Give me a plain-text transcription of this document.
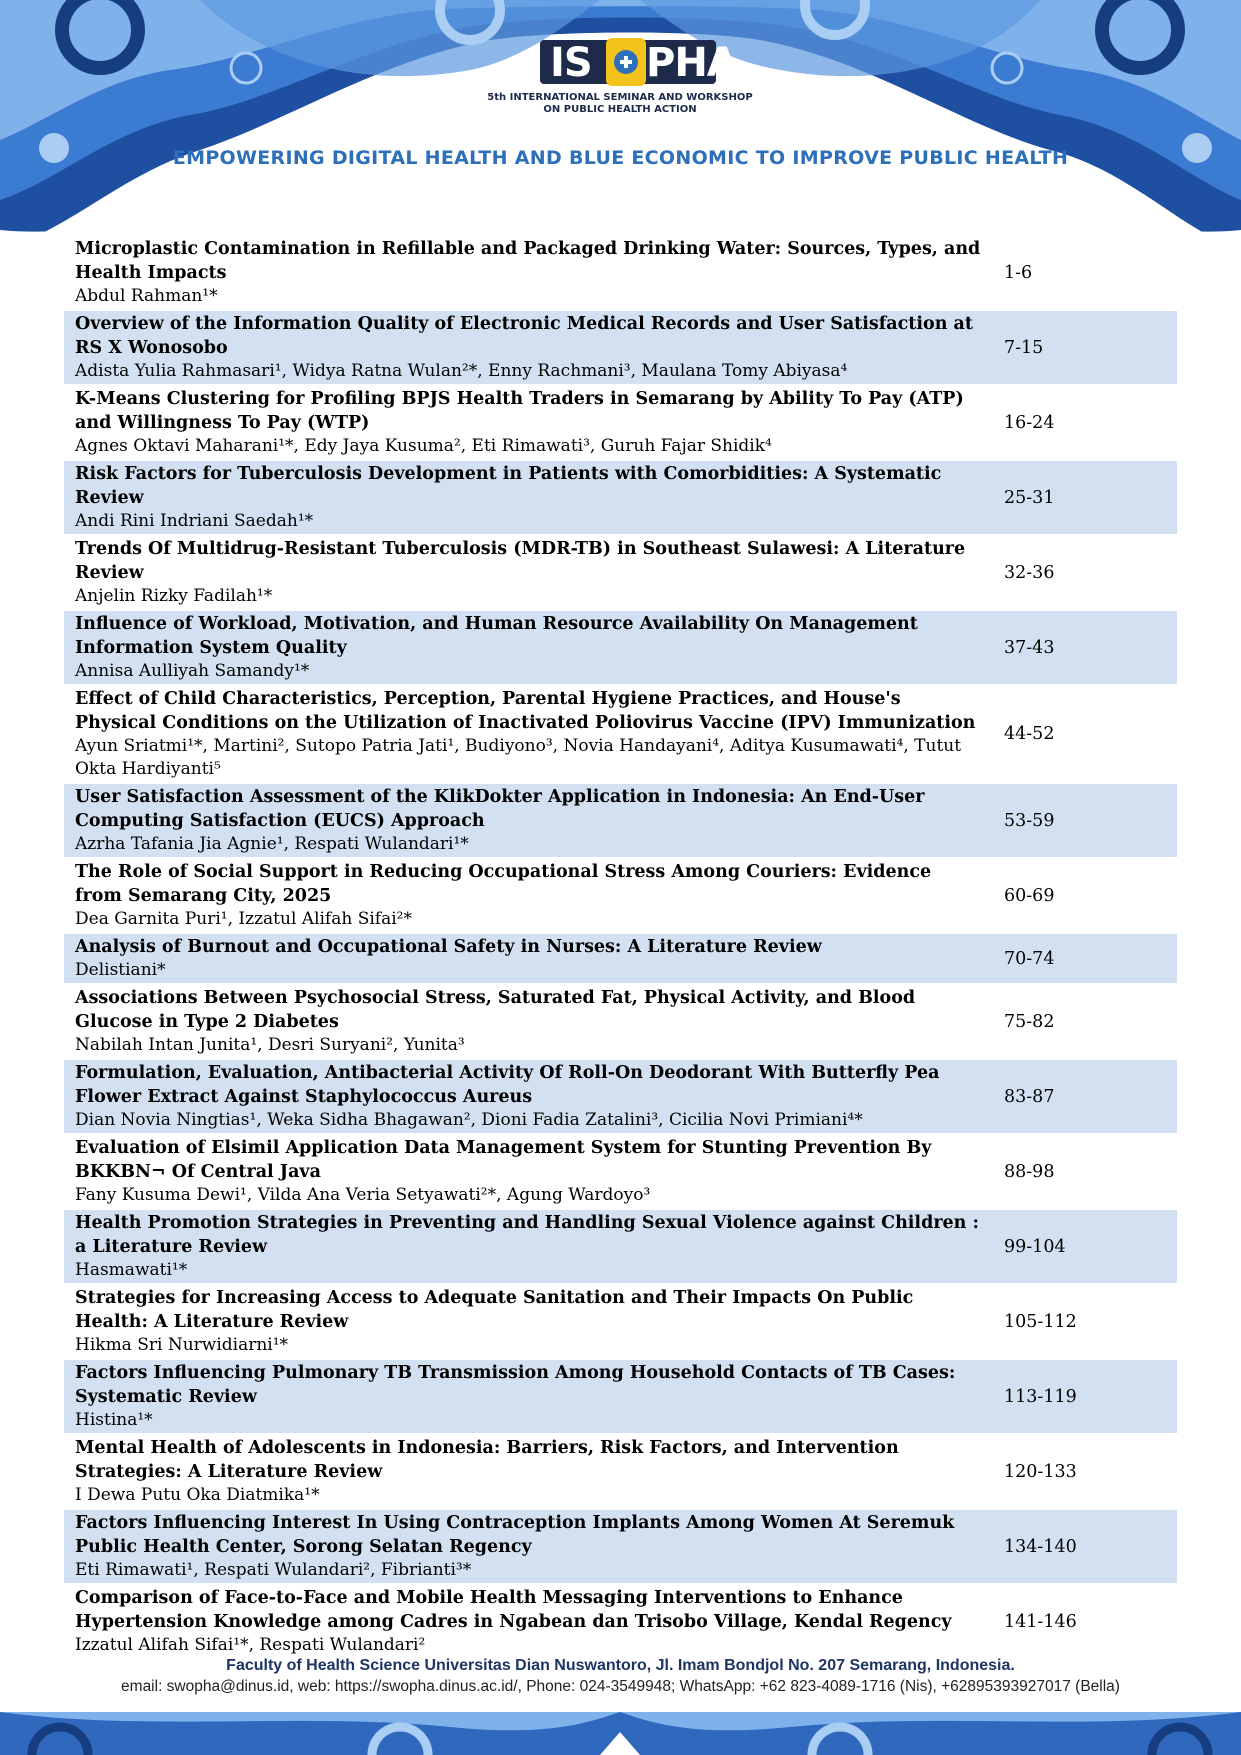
IS PHA
5th INTERNATIONAL SEMINAR AND WORKSHOP
ON PUBLIC HEALTH ACTION
EMPOWERING DIGITAL HEALTH AND BLUE ECONOMIC TO IMPROVE PUBLIC HEALTH
Microplastic Contamination in Refillable and Packaged Drinking Water: Sources, Types, and Health Impacts
Abdul Rahman¹*
1-6
Overview of the Information Quality of Electronic Medical Records and User Satisfaction at RS X Wonosobo
Adista Yulia Rahmasari¹, Widya Ratna Wulan²*, Enny Rachmani³, Maulana Tomy Abiyasa⁴
7-15
K-Means Clustering for Profiling BPJS Health Traders in Semarang by Ability To Pay (ATP) and Willingness To Pay (WTP)
Agnes Oktavi Maharani¹*, Edy Jaya Kusuma², Eti Rimawati³, Guruh Fajar Shidik⁴
16-24
Risk Factors for Tuberculosis Development in Patients with Comorbidities: A Systematic Review
Andi Rini Indriani Saedah¹*
25-31
Trends Of Multidrug-Resistant Tuberculosis (MDR-TB) in Southeast Sulawesi: A Literature Review
Anjelin Rizky Fadilah¹*
32-36
Influence of Workload, Motivation, and Human Resource Availability On Management Information System Quality
Annisa Aulliyah Samandy¹*
37-43
Effect of Child Characteristics, Perception, Parental Hygiene Practices, and House's Physical Conditions on the Utilization of Inactivated Poliovirus Vaccine (IPV) Immunization
Ayun Sriatmi¹*, Martini², Sutopo Patria Jati¹, Budiyono³, Novia Handayani⁴, Aditya Kusumawati⁴, Tutut Okta Hardiyanti⁵
44-52
User Satisfaction Assessment of the KlikDokter Application in Indonesia: An End-User Computing Satisfaction (EUCS) Approach
Azrha Tafania Jia Agnie¹, Respati Wulandari¹*
53-59
The Role of Social Support in Reducing Occupational Stress Among Couriers: Evidence from Semarang City, 2025
Dea Garnita Puri¹, Izzatul Alifah Sifai²*
60-69
Analysis of Burnout and Occupational Safety in Nurses: A Literature Review
Delistiani*
70-74
Associations Between Psychosocial Stress, Saturated Fat, Physical Activity, and Blood Glucose in Type 2 Diabetes
Nabilah Intan Junita¹, Desri Suryani², Yunita³
75-82
Formulation, Evaluation, Antibacterial Activity Of Roll-On Deodorant With Butterfly Pea Flower Extract Against Staphylococcus Aureus
Dian Novia Ningtias¹, Weka Sidha Bhagawan², Dioni Fadia Zatalini³, Cicilia Novi Primiani⁴*
83-87
Evaluation of Elsimil Application Data Management System for Stunting Prevention By BKKBN¬ Of Central Java
Fany Kusuma Dewi¹, Vilda Ana Veria Setyawati²*, Agung Wardoyo³
88-98
Health Promotion Strategies in Preventing and Handling Sexual Violence against Children : a Literature Review
Hasmawati¹*
99-104
Strategies for Increasing Access to Adequate Sanitation and Their Impacts On Public Health: A Literature Review
Hikma Sri Nurwidiarni¹*
105-112
Factors Influencing Pulmonary TB Transmission Among Household Contacts of TB Cases: Systematic Review
Histina¹*
113-119
Mental Health of Adolescents in Indonesia: Barriers, Risk Factors, and Intervention Strategies: A Literature Review
I Dewa Putu Oka Diatmika¹*
120-133
Factors Influencing Interest In Using Contraception Implants Among Women At Seremuk Public Health Center, Sorong Selatan Regency
Eti Rimawati¹, Respati Wulandari², Fibrianti³*
134-140
Comparison of Face-to-Face and Mobile Health Messaging Interventions to Enhance Hypertension Knowledge among Cadres in Ngabean dan Trisobo Village, Kendal Regency
Izzatul Alifah Sifai¹*, Respati Wulandari²
141-146
Faculty of Health Science Universitas Dian Nuswantoro, Jl. Imam Bondjol No. 207 Semarang, Indonesia.
email: swopha@dinus.id, web: https://swopha.dinus.ac.id/, Phone: 024-3549948; WhatsApp: +62 823-4089-1716 (Nis), +62895393927017 (Bella)
